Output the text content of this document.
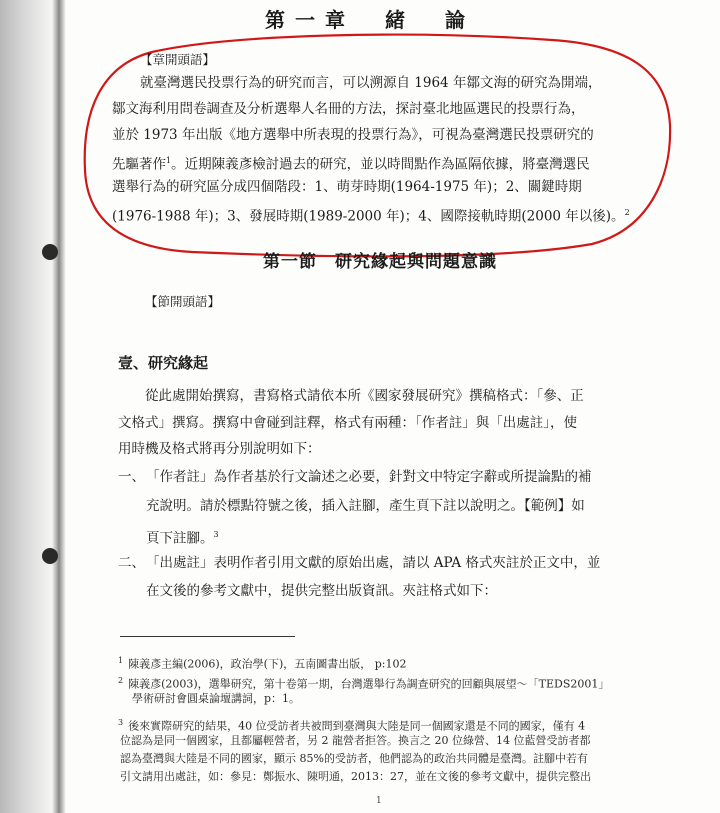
第一章　緒　論
【章開頭語】
就臺灣選民投票行為的研究而言，可以溯源自 1964 年鄒文海的研究為開端，
鄒文海利用問卷調查及分析選舉人名冊的方法，探討臺北地區選民的投票行為，
並於 1973 年出版《地方選舉中所表現的投票行為》，可視為臺灣選民投票研究的
先驅著作$^1$。近期陳義彥檢討過去的研究，並以時間點作為區隔依據，將臺灣選民
選舉行為的研究區分成四個階段：1、萌芽時期(1964-1975 年)；2、關鍵時期
(1976-1988 年)；3、發展時期(1989-2000 年)；4、國際接軌時期(2000 年以後)。$^2$
第一節　研究緣起與問題意識
【節開頭語】
壹、研究緣起
從此處開始撰寫，書寫格式請依本所《國家發展研究》撰稿格式：「參、正
文格式」撰寫。撰寫中會碰到註釋，格式有兩種：「作者註」與「出處註」，使
用時機及格式將再分別說明如下：
一、 「作者註」為作者基於行文論述之必要，針對文中特定字辭或所提論點的補
充說明。請於標點符號之後，插入註腳，產生頁下註以說明之。【範例】如
頁下註腳。$^3$
二、 「出處註」表明作者引用文獻的原始出處，請以 APA 格式夾註於正文中，並
在文後的參考文獻中，提供完整出版資訊。夾註格式如下：
$^1$ 陳義彥主編(2006)，政治學(下)，五南圖書出版， p:102
$^2$ 陳義彥(2003)，選舉研究，第十卷第一期，台灣選舉行為調查研究的回顧與展望～「TEDS2001」
學術研討會圓桌論壇講詞，p：1。
$^3$ 後來實際研究的結果，40 位受訪者共被問到臺灣與大陸是同一個國家還是不同的國家，僅有 4
位認為是同一個國家，且都屬輕營者，另 2 龍營者拒答。換言之 20 位綠營、14 位藍營受訪者都
認為臺灣與大陸是不同的國家，顯示 85%的受訪者，他們認為的政治共同體是臺灣。註腳中若有
引文請用出處註，如：參見：鄭振水、陳明通，2013：27，並在文後的參考文獻中，提供完整出
1
